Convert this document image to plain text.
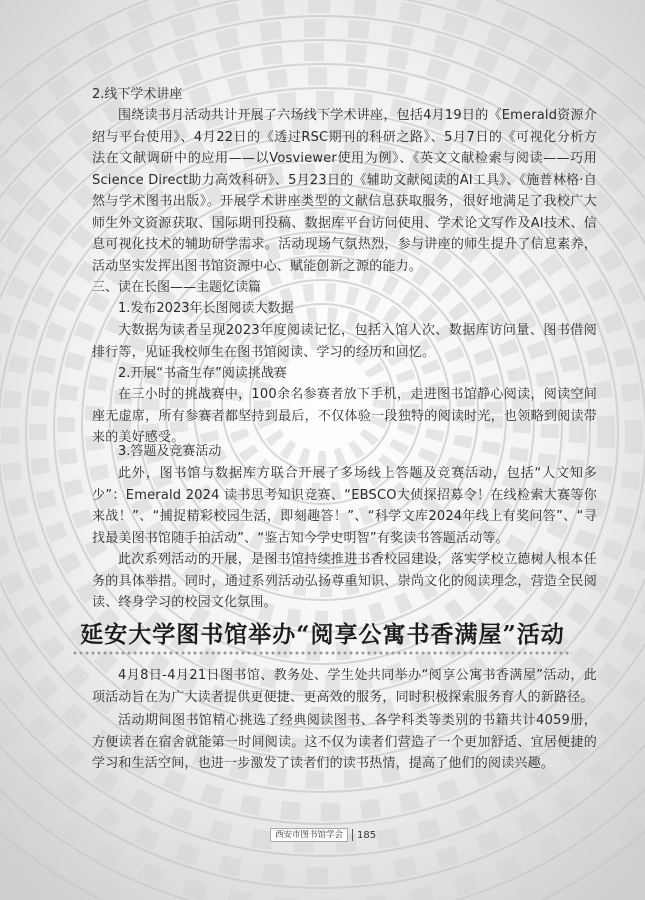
2.线下学术讲座

围绕读书月活动共计开展了六场线下学术讲座，包括4月19日的《Emerald资源介绍与平台使用》、4月22日的《透过RSC期刊的科研之路》、5月7日的《可视化分析方法在文献调研中的应用——以Vosviewer使用为例》、《英文文献检索与阅读——巧用Science Direct助力高效科研》、5月23日的《辅助文献阅读的AI工具》、《施普林格·自然与学术图书出版》。开展学术讲座类型的文献信息获取服务，很好地满足了我校广大师生外文资源获取、国际期刊投稿、数据库平台访问使用、学术论文写作及AI技术、信息可视化技术的辅助研学需求。活动现场气氛热烈，参与讲座的师生提升了信息素养，活动坚实发挥出图书馆资源中心、赋能创新之源的能力。

三、读在长图——主题忆读篇

1.发布2023年长图阅读大数据

大数据为读者呈现2023年度阅读记忆，包括入馆人次、数据库访问量、图书借阅排行等，见证我校师生在图书馆阅读、学习的经历和回忆。

2.开展“书斋生存”阅读挑战赛

在三小时的挑战赛中，100余名参赛者放下手机，走进图书馆静心阅读，阅读空间座无虚席，所有参赛者都坚持到最后，不仅体验一段独特的阅读时光，也领略到阅读带来的美好感受。

3.答题及竞赛活动

此外，图书馆与数据库方联合开展了多场线上答题及竞赛活动，包括“人文知多少”：Emerald 2024 读书思考知识竞赛、“EBSCO大侦探招募令！在线检索大赛等你来战！”、“捕捉精彩校园生活，即刻趣答！”、“科学文库2024年线上有奖问答”、“寻找最美图书馆随手拍活动”、“鉴古知今学史明智”有奖读书答题活动等。

此次系列活动的开展，是图书馆持续推进书香校园建设，落实学校立德树人根本任务的具体举措。同时，通过系列活动弘扬尊重知识、崇尚文化的阅读理念，营造全民阅读、终身学习的校园文化氛围。

延安大学图书馆举办“阅享公寓书香满屋”活动

4月8日-4月21日图书馆、教务处、学生处共同举办“阅享公寓书香满屋”活动，此项活动旨在为广大读者提供更便捷、更高效的服务，同时积极探索服务育人的新路径。

活动期间图书馆精心挑选了经典阅读图书、各学科类等类别的书籍共计4059册，方便读者在宿舍就能第一时间阅读。这不仅为读者们营造了一个更加舒适、宜居便捷的学习和生活空间，也进一步激发了读者们的读书热情，提高了他们的阅读兴趣。

西安市图书馆学会	185
